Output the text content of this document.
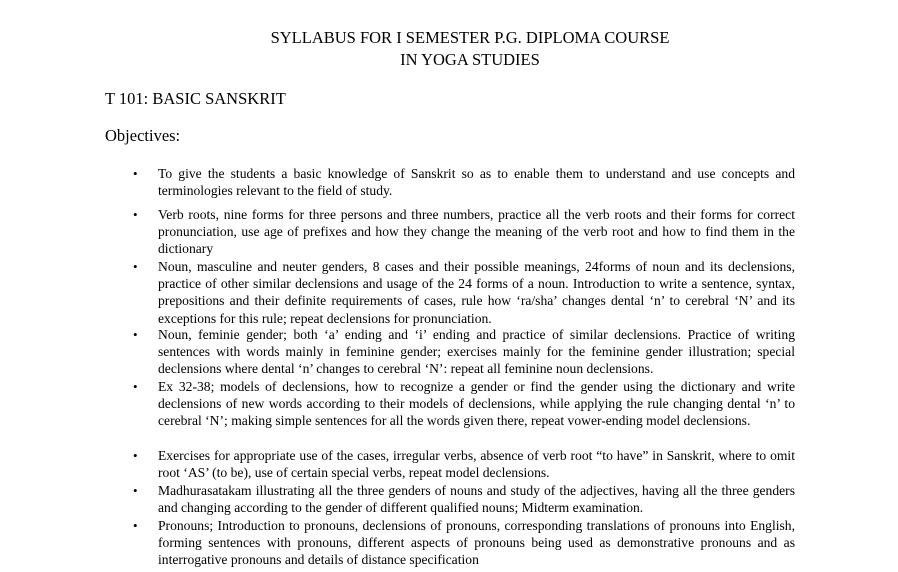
SYLLABUS FOR I SEMESTER P.G. DIPLOMA COURSE
IN YOGA STUDIES
T 101: BASIC SANSKRIT
Objectives:
• To give the students a basic knowledge of Sanskrit so as to enable them to understand and use concepts and terminologies relevant to the field of study.
• Verb roots, nine forms for three persons and three numbers, practice all the verb roots and their forms for correct pronunciation, use age of prefixes and how they change the meaning of the verb root and how to find them in the dictionary
• Noun, masculine and neuter genders, 8 cases and their possible meanings, 24forms of noun and its declensions, practice of other similar declensions and usage of the 24 forms of a noun. Introduction to write a sentence, syntax, prepositions and their definite requirements of cases, rule how ‘ra/sha’ changes dental ‘n’ to cerebral ‘N’ and its exceptions for this rule; repeat declensions for pronunciation.
• Noun, feminie gender; both ‘a’ ending and ‘i’ ending and practice of similar declensions. Practice of writing sentences with words mainly in feminine gender; exercises mainly for the feminine gender illustration; special declensions where dental ‘n’ changes to cerebral ‘N’: repeat all feminine noun declensions.
• Ex 32-38; models of declensions, how to recognize a gender or find the gender using the dictionary and write declensions of new words according to their models of declensions, while applying the rule changing dental ‘n’ to cerebral ‘N’; making simple sentences for all the words given there, repeat vower-ending model declensions.
• Exercises for appropriate use of the cases, irregular verbs, absence of verb root “to have” in Sanskrit, where to omit root ‘AS’ (to be), use of certain special verbs, repeat model declensions.
• Madhurasatakam illustrating all the three genders of nouns and study of the adjectives, having all the three genders and changing according to the gender of different qualified nouns; Midterm examination.
• Pronouns; Introduction to pronouns, declensions of pronouns, corresponding translations of pronouns into English, forming sentences with pronouns, different aspects of pronouns being used as demonstrative pronouns and as interrogative pronouns and details of distance specification
